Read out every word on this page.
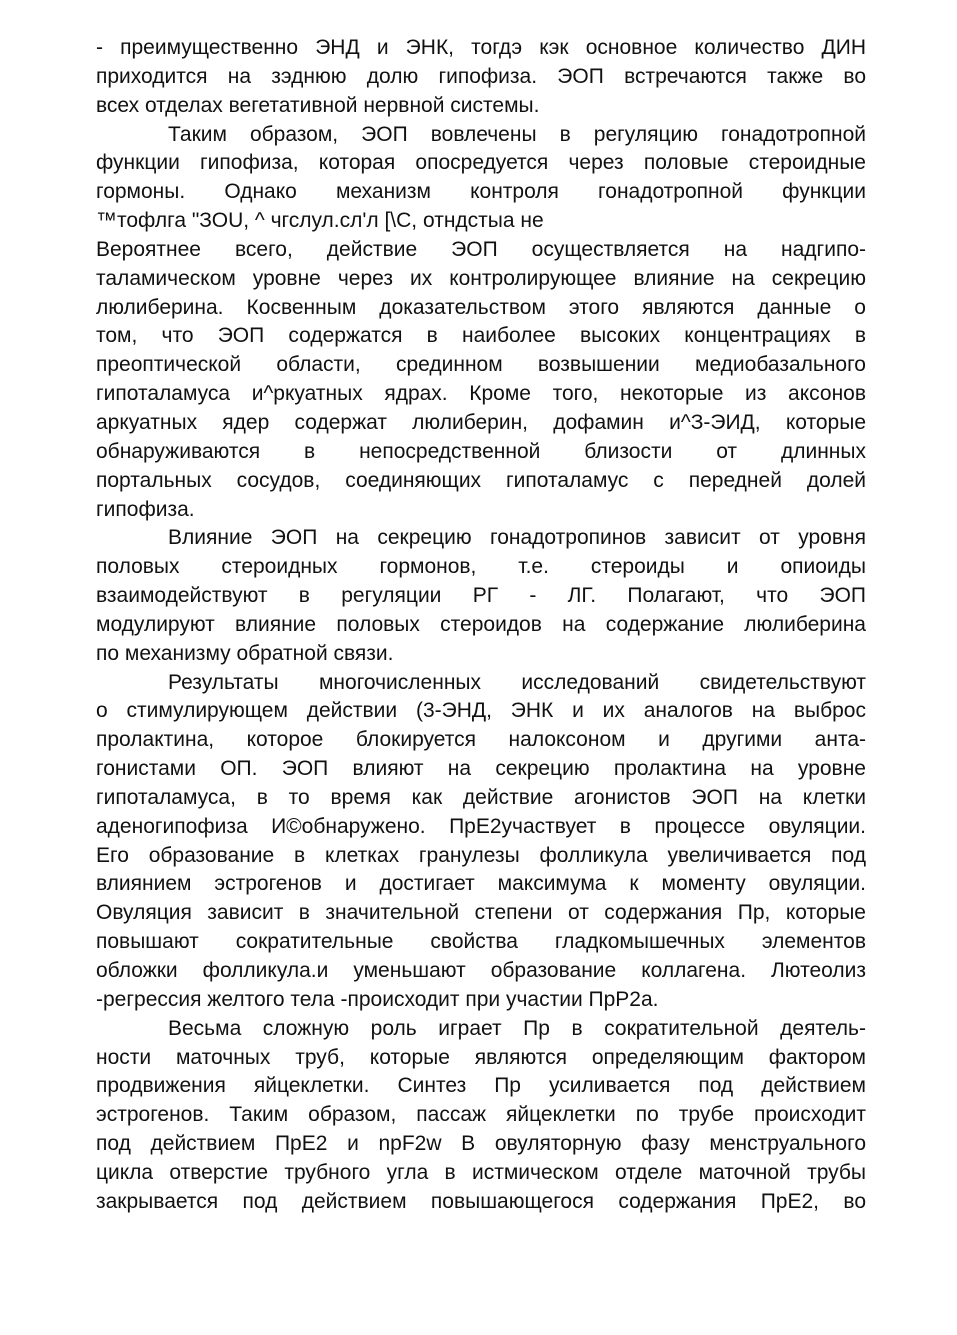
- преимущественно ЭНД и ЭНК, тогдэ кэк основное количество ДИН
приходится на зэднюю долю гипофиза. ЭОП встречаются также во
всех отделах вегетативной нервной системы.
Таким образом, ЭОП вовлечены в регуляцию гонадотропной
функции гипофиза, которая опосредуется через половые стероидные
гормоны. Однако механизм контроля гонадотропной функции
™тофлга "ЗОU, ^ чгслул.сл'л [\С, отндстыа не
Вероятнее всего, действие ЭОП осуществляется на надгипо-
таламическом уровне через их контролирующее влияние на секрецию
люлиберина. Косвенным доказательством этого являются данные о
том, что ЭОП содержатся в наиболее высоких концентрациях в
преоптической области, срединном возвышении медиобазального
гипоталамуса и^ркуатных ядрах. Кроме того, некоторые из аксонов
аркуатных ядер содержат люлиберин, дофамин и^З-ЭИД, которые
обнаруживаются в непосредственной близости от длинных
портальных сосудов, соединяющих гипоталамус с передней долей
гипофиза.
Влияние ЭОП на секрецию гонадотропинов зависит от уровня
половых стероидных гормонов, т.е. стероиды и опиоиды
взаимодействуют в регуляции РГ - ЛГ. Полагают, что ЭОП
модулируют влияние половых стероидов на содержание люлиберина
по механизму обратной связи.
Результаты многочисленных исследований свидетельствуют
о стимулирующем действии (3-ЭНД, ЭНК и их аналогов на выброс
пролактина, которое блокируется налоксоном и другими анта-
гонистами ОП. ЭОП влияют на секрецию пролактина на уровне
гипоталамуса, в то время как действие агонистов ЭОП на клетки
аденогипофиза И©обнаружено. ПрЕ2участвует в процессе овуляции.
Его образование в клетках гранулезы фолликула увеличивается под
влиянием эстрогенов и достигает максимума к моменту овуляции.
Овуляция зависит в значительной степени от содержания Пр, которые
повышают сократительные свойства гладкомышечных элементов
обложки фолликула.и уменьшают образование коллагена. Лютеолиз
-регрессия желтого тела -происходит при участии ПрР2а.
Весьма сложную роль играет Пр в сократительной деятель-
ности маточных труб, которые являются определяющим фактором
продвижения яйцеклетки. Синтез Пр усиливается под действием
эстрогенов. Таким образом, пассаж яйцеклетки по трубе происходит
под действием ПрЕ2 и npF2w В овуляторную фазу менструального
цикла отверстие трубного угла в истмическом отделе маточной трубы
закрывается под действием повышающегося содержания ПрЕ2, во
